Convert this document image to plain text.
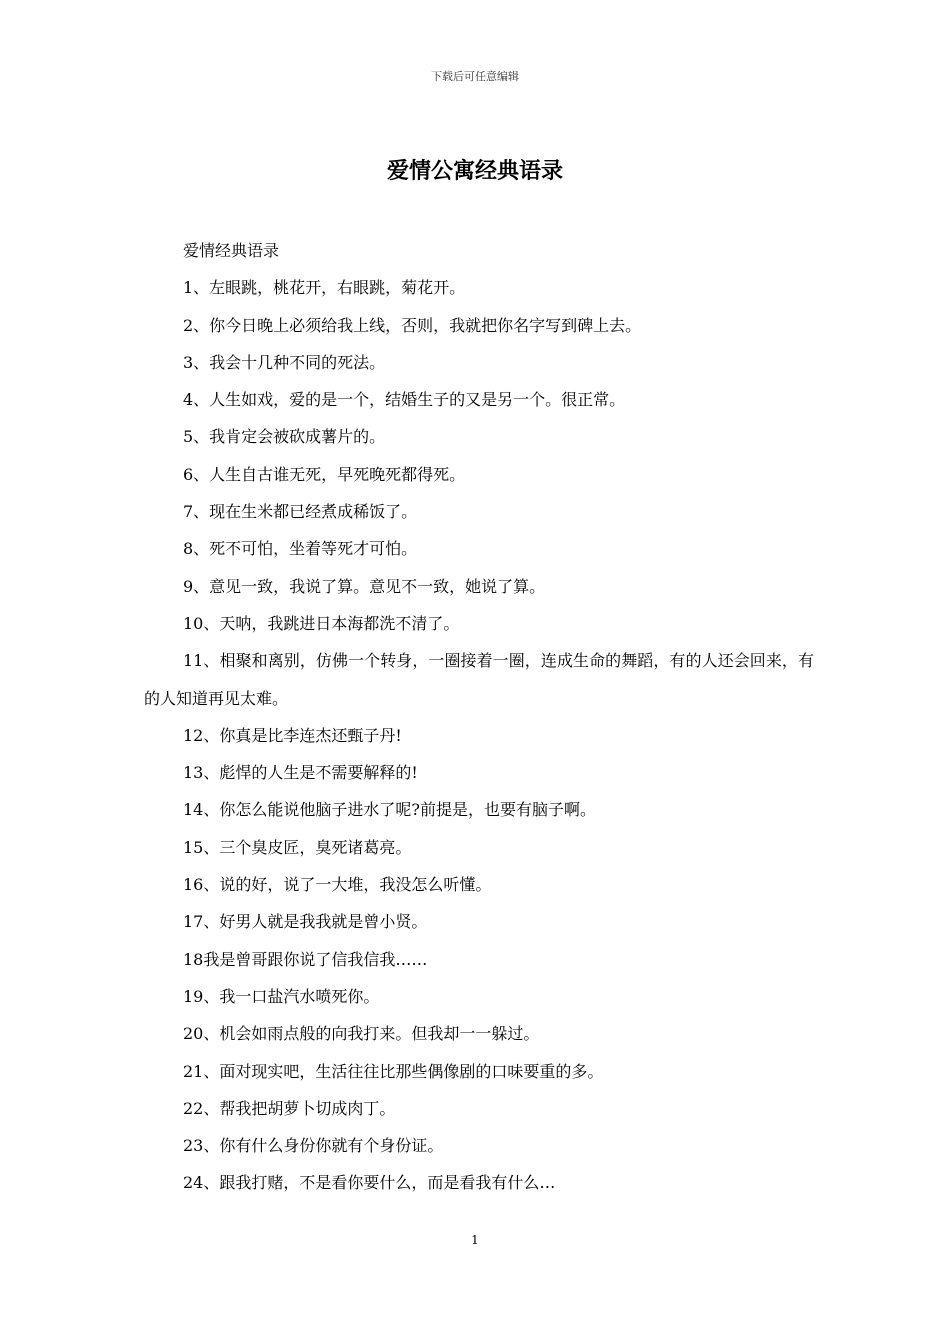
下载后可任意编辑
爱情公寓经典语录

爱情经典语录

1、左眼跳，桃花开，右眼跳，菊花开。

2、你今日晚上必须给我上线，否则，我就把你名字写到碑上去。

3、我会十几种不同的死法。

4、人生如戏，爱的是一个，结婚生子的又是另一个。很正常。

5、我肯定会被砍成薯片的。

6、人生自古谁无死，早死晚死都得死。

7、现在生米都已经煮成稀饭了。

8、死不可怕，坐着等死才可怕。

9、意见一致，我说了算。意见不一致，她说了算。

10、天呐，我跳进日本海都洗不清了。

11、相聚和离别，仿佛一个转身，一圈接着一圈，连成生命的舞蹈，有的人还会回来，有的人知道再见太难。

12、你真是比李连杰还甄子丹!

13、彪悍的人生是不需要解释的!

14、你怎么能说他脑子进水了呢?前提是，也要有脑子啊。

15、三个臭皮匠，臭死诸葛亮。

16、说的好，说了一大堆，我没怎么听懂。

17、好男人就是我我就是曾小贤。

18我是曾哥跟你说了信我信我……

19、我一口盐汽水喷死你。

20、机会如雨点般的向我打来。但我却一一躲过。

21、面对现实吧，生活往往比那些偶像剧的口味要重的多。

22、帮我把胡萝卜切成肉丁。

23、你有什么身份你就有个身份证。

24、跟我打赌，不是看你要什么，而是看我有什么…

1
